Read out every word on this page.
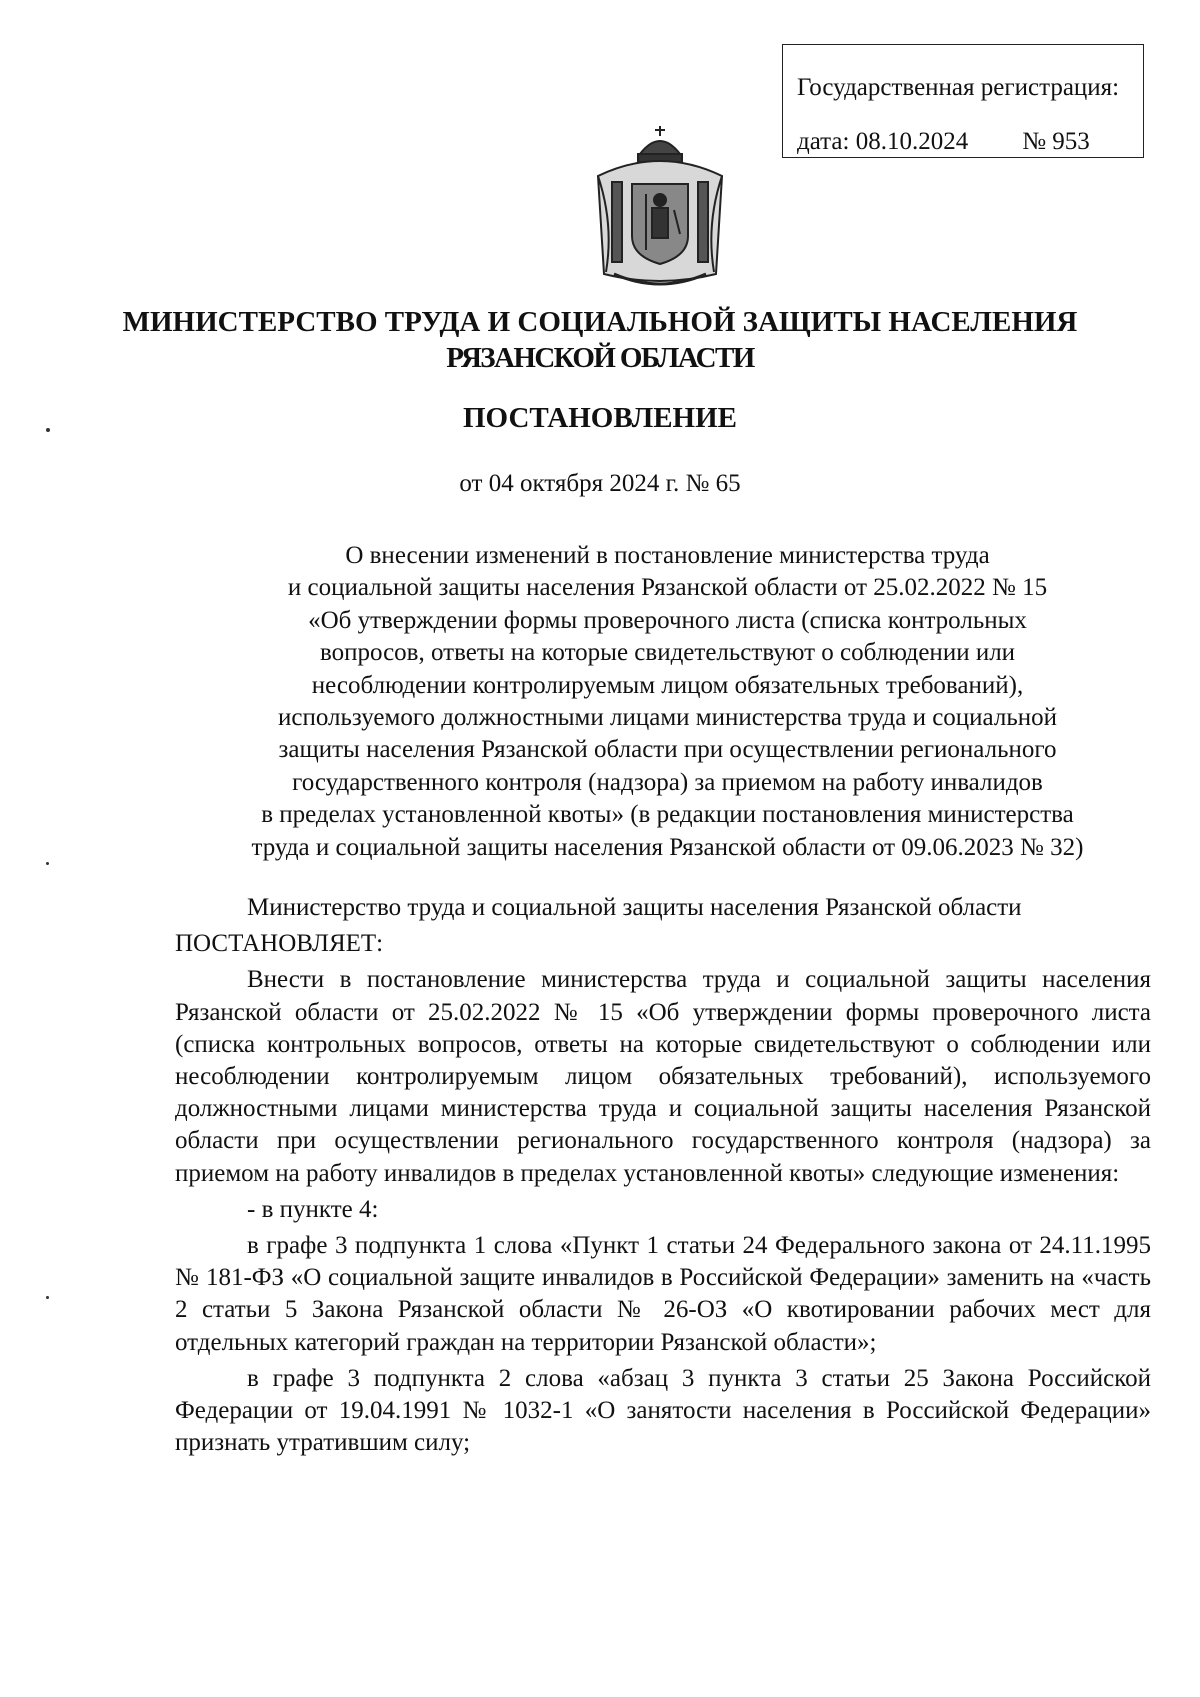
Государственная регистрация:
дата: 08.10.2024 № 953
МИНИСТЕРСТВО ТРУДА И СОЦИАЛЬНОЙ ЗАЩИТЫ НАСЕЛЕНИЯ
РЯЗАНСКОЙ ОБЛАСТИ
ПОСТАНОВЛЕНИЕ
от 04 октября 2024 г. № 65
О внесении изменений в постановление министерства труда
и социальной защиты населения Рязанской области от 25.02.2022 № 15
«Об утверждении формы проверочного листа (списка контрольных
вопросов, ответы на которые свидетельствуют о соблюдении или
несоблюдении контролируемым лицом обязательных требований),
используемого должностными лицами министерства труда и социальной
защиты населения Рязанской области при осуществлении регионального
государственного контроля (надзора) за приемом на работу инвалидов
в пределах установленной квоты» (в редакции постановления министерства
труда и социальной защиты населения Рязанской области от 09.06.2023 № 32)

Министерство труда и социальной защиты населения Рязанской области

ПОСТАНОВЛЯЕТ:

Внести в постановление министерства труда и социальной защиты населения Рязанской области от 25.02.2022 № 15 «Об утверждении формы проверочного листа (списка контрольных вопросов, ответы на которые свидетельствуют о соблюдении или несоблюдении контролируемым лицом обязательных требований), используемого должностными лицами министерства труда и социальной защиты населения Рязанской области при осуществлении регионального государственного контроля (надзора) за приемом на работу инвалидов в пределах установленной квоты» следующие изменения:

- в пункте 4:

в графе 3 подпункта 1 слова «Пункт 1 статьи 24 Федерального закона от 24.11.1995 № 181-ФЗ «О социальной защите инвалидов в Российской Федерации» заменить на «часть 2 статьи 5 Закона Рязанской области № 26-ОЗ «О квотировании рабочих мест для отдельных категорий граждан на территории Рязанской области»;

в графе 3 подпункта 2 слова «абзац 3 пункта 3 статьи 25 Закона Российской Федерации от 19.04.1991 № 1032-1 «О занятости населения в Российской Федерации» признать утратившим силу;
